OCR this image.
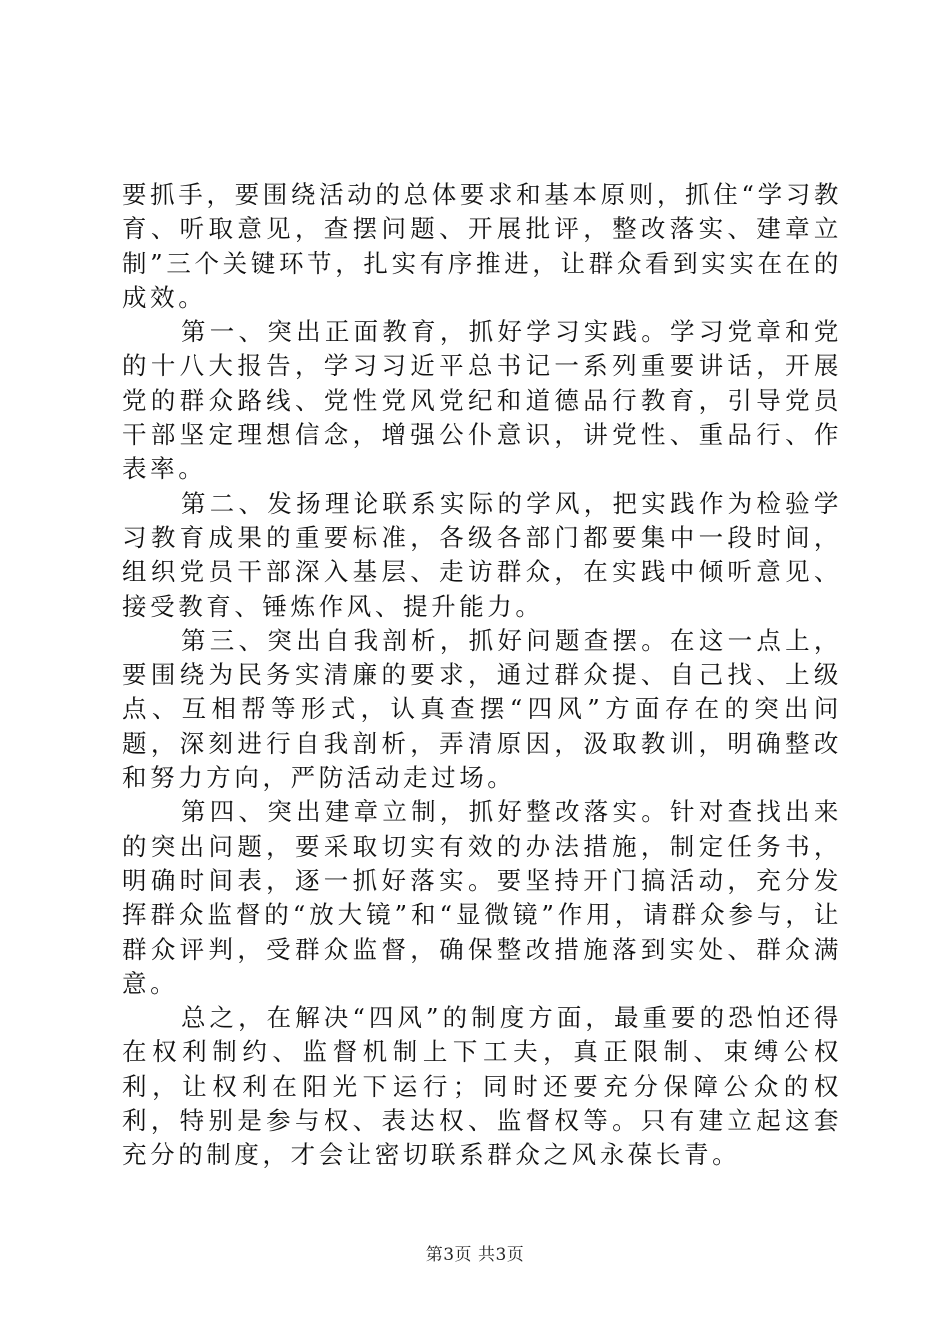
要抓手，要围绕活动的总体要求和基本原则，抓住“学习教育、听取意见，查摆问题、开展批评，整改落实、建章立制”三个关键环节，扎实有序推进，让群众看到实实在在的成效。

第一、突出正面教育，抓好学习实践。学习党章和党的十八大报告，学习习近平总书记一系列重要讲话，开展党的群众路线、党性党风党纪和道德品行教育，引导党员干部坚定理想信念，增强公仆意识，讲党性、重品行、作表率。

第二、发扬理论联系实际的学风，把实践作为检验学习教育成果的重要标准，各级各部门都要集中一段时间，组织党员干部深入基层、走访群众，在实践中倾听意见、接受教育、锤炼作风、提升能力。

第三、突出自我剖析，抓好问题查摆。在这一点上，要围绕为民务实清廉的要求，通过群众提、自己找、上级点、互相帮等形式，认真查摆“四风”方面存在的突出问题，深刻进行自我剖析，弄清原因，汲取教训，明确整改和努力方向，严防活动走过场。

第四、突出建章立制，抓好整改落实。针对查找出来的突出问题，要采取切实有效的办法措施，制定任务书，明确时间表，逐一抓好落实。要坚持开门搞活动，充分发挥群众监督的“放大镜”和“显微镜”作用，请群众参与，让群众评判，受群众监督，确保整改措施落到实处、群众满意。

总之，在解决“四风”的制度方面，最重要的恐怕还得在权利制约、监督机制上下工夫，真正限制、束缚公权利，让权利在阳光下运行；同时还要充分保障公众的权利，特别是参与权、表达权、监督权等。只有建立起这套充分的制度，才会让密切联系群众之风永葆长青。

第3页 共3页
